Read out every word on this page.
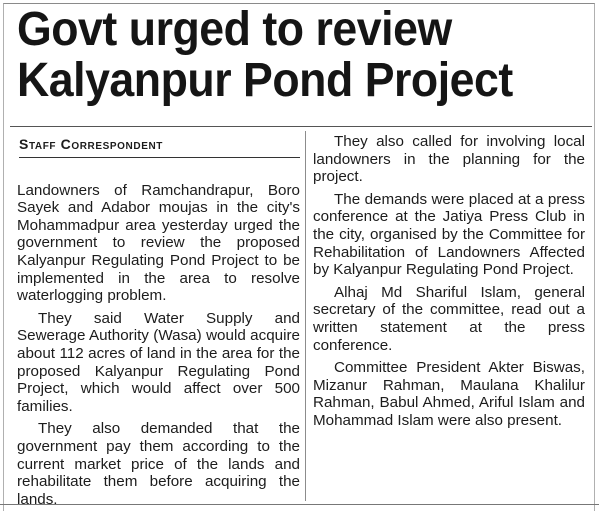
Govt urged to review
Kalyanpur Pond Project
Staff Correspondent

Landowners of Ramchandrapur, Boro Sayek and Adabor moujas in the city's Mohammadpur area yesterday urged the government to review the proposed Kalyanpur Regulating Pond Project to be implemented in the area to resolve waterlogging problem.

They said Water Supply and Sewerage Authority (Wasa) would acquire about 112 acres of land in the area for the proposed Kalyanpur Regulating Pond Project, which would affect over 500 families.

They also demanded that the government pay them according to the current market price of the lands and rehabilitate them before acquiring the lands.

They also called for involving local landowners in the planning for the project.

The demands were placed at a press conference at the Jatiya Press Club in the city, organised by the Committee for Rehabilitation of Landowners Affected by Kalyanpur Regulating Pond Project.

Alhaj Md Shariful Islam, general secretary of the committee, read out a written statement at the press conference.

Committee President Akter Biswas, Mizanur Rahman, Maulana Khalilur Rahman, Babul Ahmed, Ariful Islam and Mohammad Islam were also present.
